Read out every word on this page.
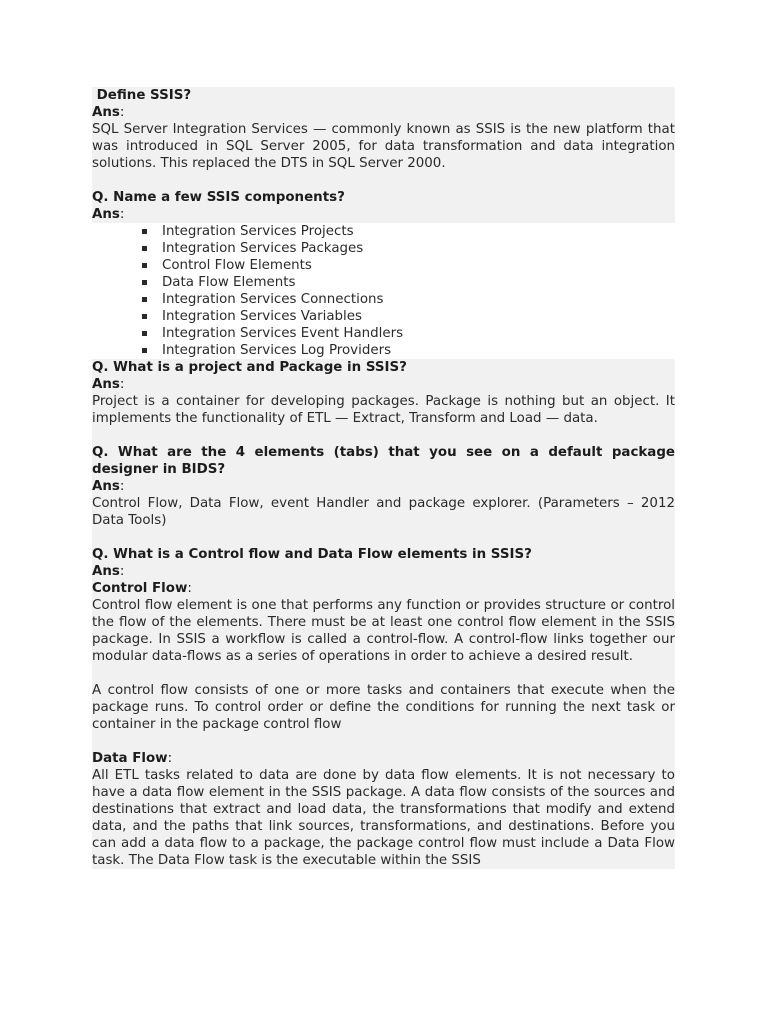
Define SSIS?
Ans:
SQL Server Integration Services — commonly known as SSIS is the new platform that was introduced in SQL Server 2005, for data transformation and data integration solutions. This replaced the DTS in SQL Server 2000.
Q. Name a few SSIS components?
Ans:
Integration Services Projects
Integration Services Packages
Control Flow Elements
Data Flow Elements
Integration Services Connections
Integration Services Variables
Integration Services Event Handlers
Integration Services Log Providers
Q. What is a project and Package in SSIS?
Ans:
Project is a container for developing packages. Package is nothing but an object. It implements the functionality of ETL — Extract, Transform and Load — data.
Q. What are the 4 elements (tabs) that you see on a default package designer in BIDS?
Ans:
Control Flow, Data Flow, event Handler and package explorer. (Parameters – 2012 Data Tools)
Q. What is a Control flow and Data Flow elements in SSIS?
Ans:
Control Flow:
Control flow element is one that performs any function or provides structure or control the flow of the elements. There must be at least one control flow element in the SSIS package. In SSIS a workflow is called a control-flow. A control-flow links together our modular data-flows as a series of operations in order to achieve a desired result.
A control flow consists of one or more tasks and containers that execute when the package runs. To control order or define the conditions for running the next task or container in the package control flow
Data Flow:
All ETL tasks related to data are done by data flow elements. It is not necessary to have a data flow element in the SSIS package. A data flow consists of the sources and destinations that extract and load data, the transformations that modify and extend data, and the paths that link sources, transformations, and destinations. Before you can add a data flow to a package, the package control flow must include a Data Flow task. The Data Flow task is the executable within the SSIS
